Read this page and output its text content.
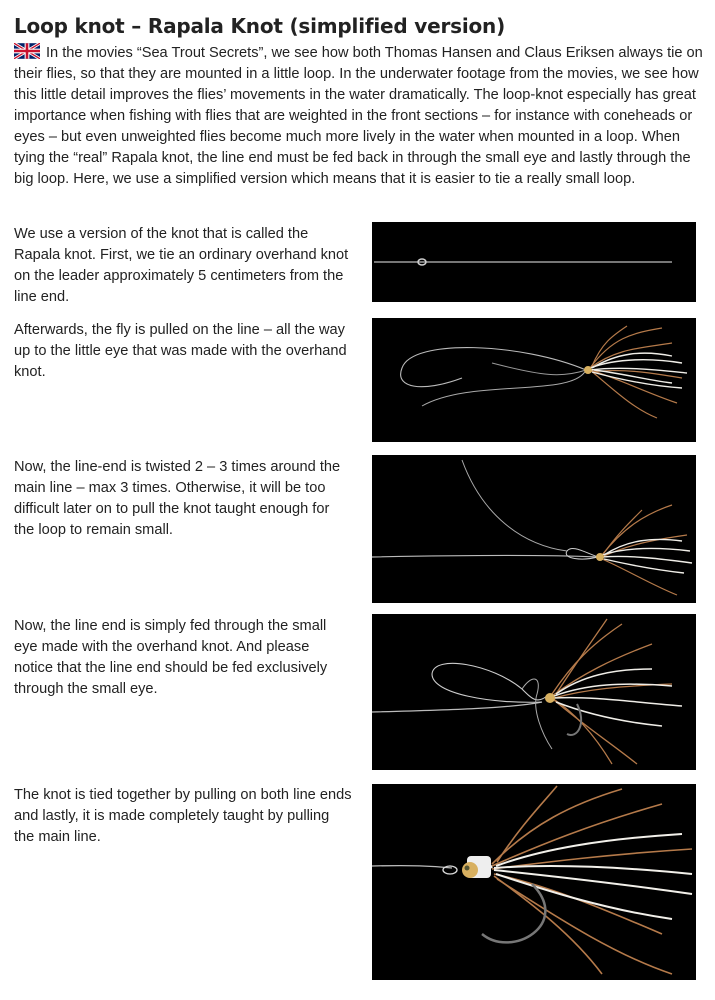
Loop knot – Rapala Knot (simplified version)

In the movies “Sea Trout Secrets”, we see how both Thomas Hansen and Claus Eriksen always tie on their flies, so that they are mounted in a little loop. In the underwater footage from the movies, we see how this little detail improves the flies’ movements in the water dramatically. The loop-knot especially has great importance when fishing with flies that are weighted in the front sections – for instance with coneheads or eyes – but even unweighted flies become much more lively in the water when mounted in a loop. When tying the “real” Rapala knot, the line end must be fed back in through the small eye and lastly through the big loop. Here, we use a simplified version which means that it is easier to tie a really small loop.

We use a version of the knot that is called the Rapala knot. First, we tie an ordinary overhand knot on the leader approximately 5 centimeters from the line end.

Afterwards, the fly is pulled on the line – all the way up to the little eye that was made with the overhand knot.

Now, the line-end is twisted 2 – 3 times around the main line – max 3 times. Otherwise, it will be too difficult later on to pull the knot taught enough for the loop to remain small.

Now, the line end is simply fed through the small eye made with the overhand knot. And please notice that the line end should be fed exclusively through the small eye.

The knot is tied together by pulling on both line ends and lastly, it is made completely taught by pulling the main line.
